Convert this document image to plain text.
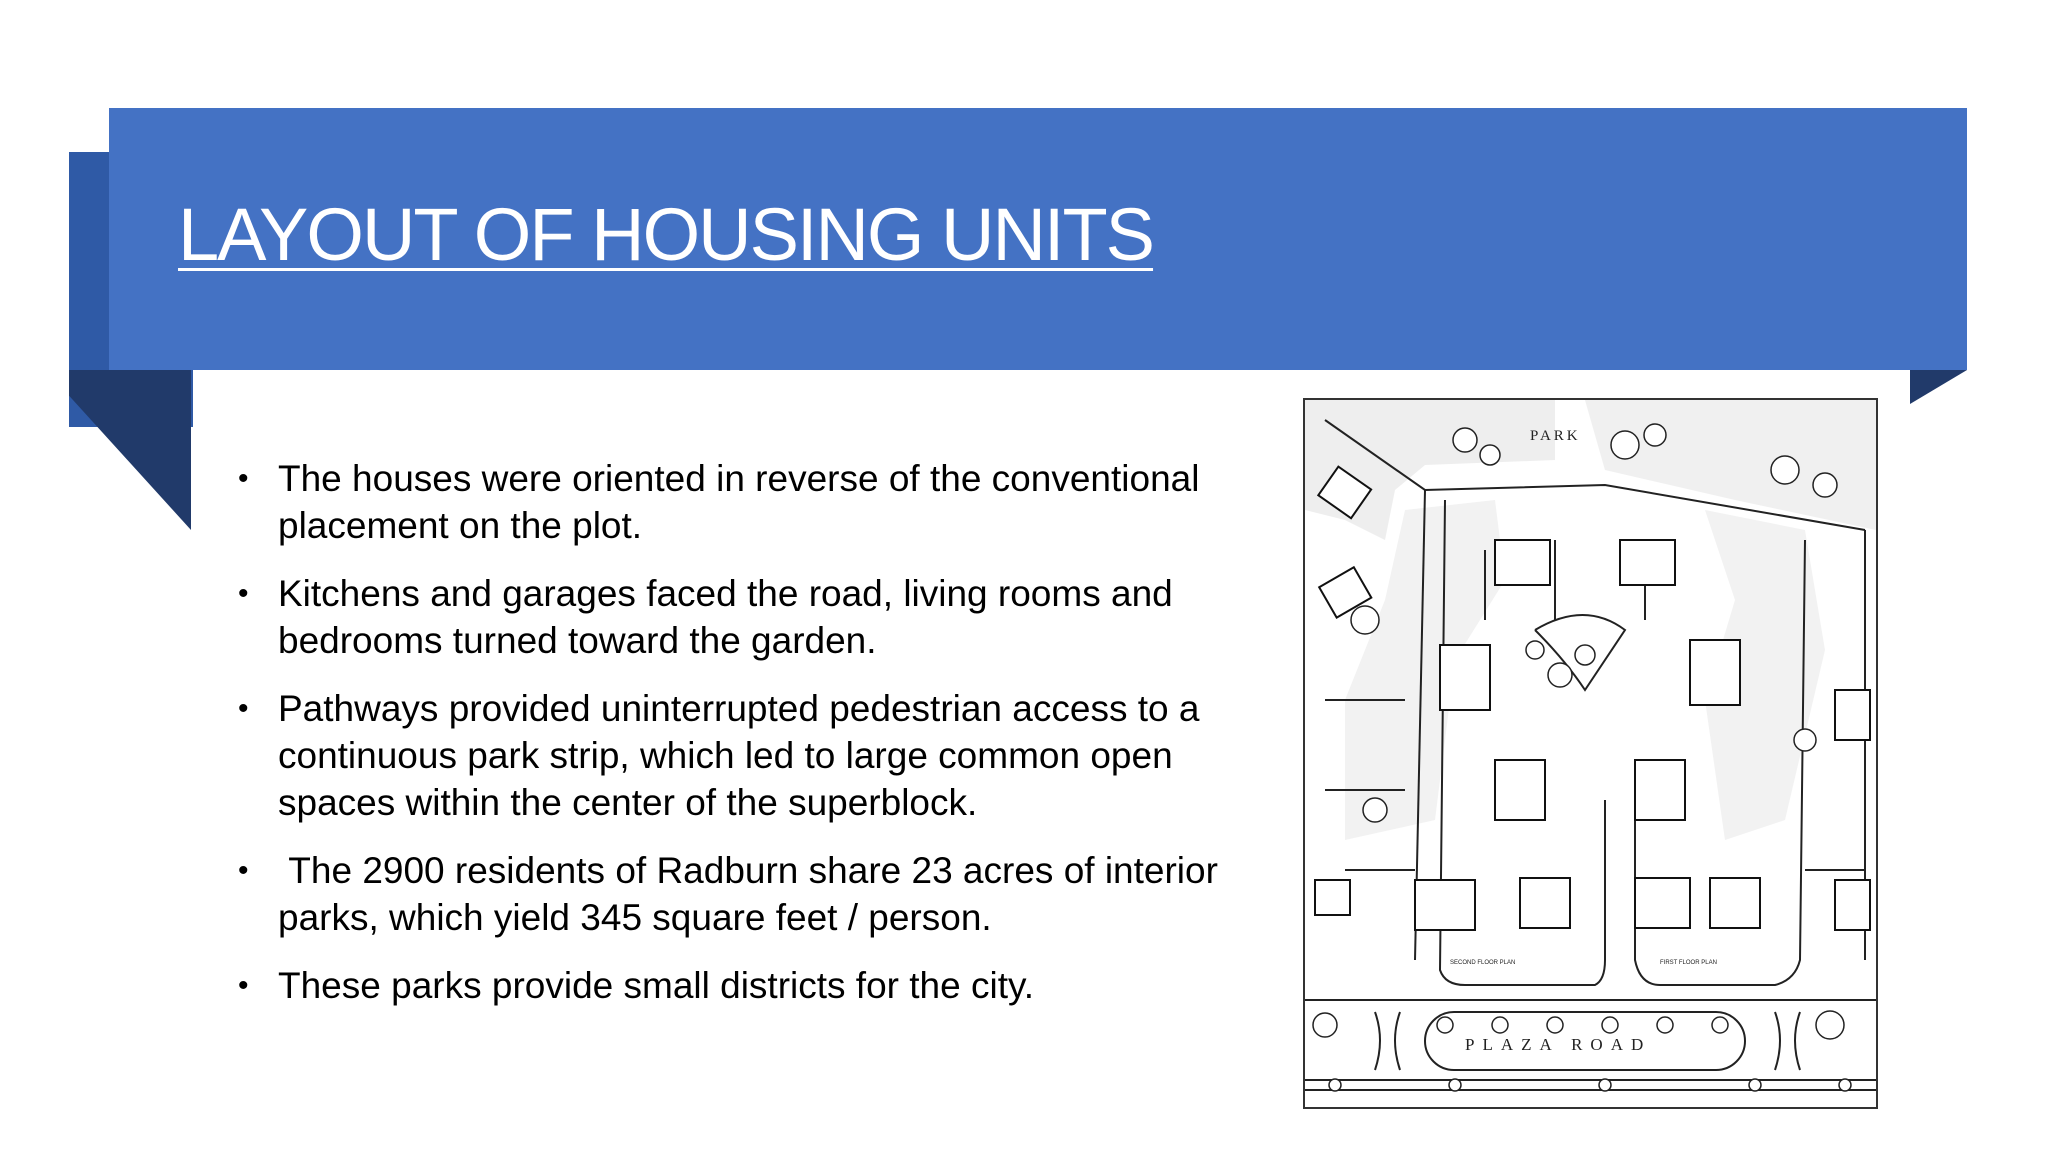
LAYOUT OF HOUSING UNITS
• The houses were oriented in reverse of the conventional placement on the plot.
• Kitchens and garages faced the road, living rooms and bedrooms turned toward the garden.
• Pathways provided uninterrupted pedestrian access to a continuous park strip, which led to large common open spaces within the center of the superblock.
• The 2900 residents of Radburn share 23 acres of interior parks, which yield 345 square feet / person.
• These parks provide small districts for the city.
PARK
PLAZA ROAD
SECOND FLOOR PLAN	FIRST FLOOR PLAN
